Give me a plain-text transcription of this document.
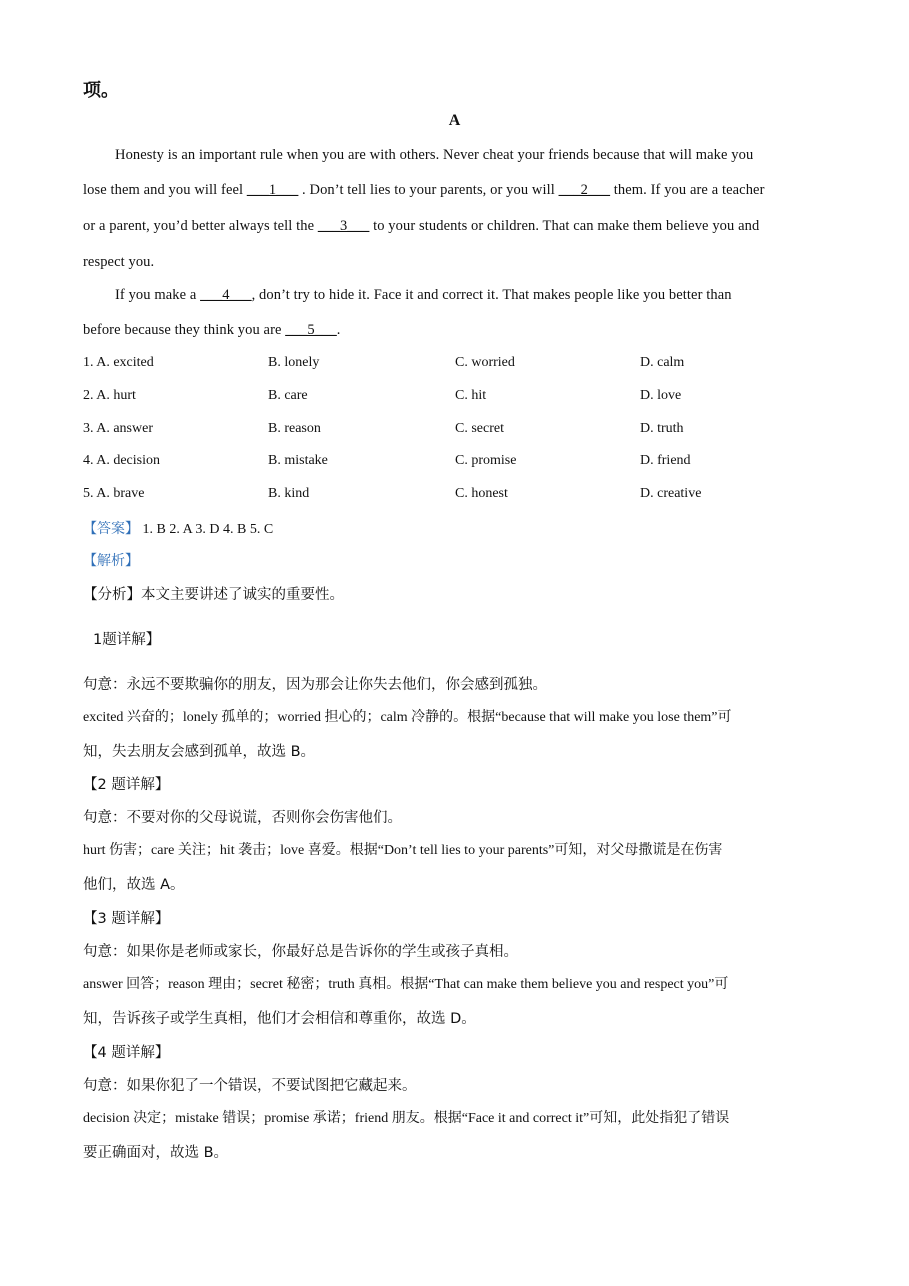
项。
A
Honesty is an important rule when you are with others. Never cheat your friends because that will make you
lose them and you will feel ___1___ . Don’t tell lies to your parents, or you will ___2___ them. If you are a teacher
or a parent, you’d better always tell the ___3___ to your students or children. That can make them believe you and
respect you.
If you make a ___4___, don’t try to hide it. Face it and correct it. That makes people like you better than
before because they think you are ___5___.
1. A. excited	B. lonely	C. worried	D. calm
2. A. hurt	B. care	C. hit	D. love
3. A. answer	B. reason	C. secret	D. truth
4. A. decision	B. mistake	C. promise	D. friend
5. A. brave	B. kind	C. honest	D. creative
【答案】 1. B 2. A 3. D 4. B 5. C
【解析】
【分析】本文主要讲述了诚实的重要性。
1题详解】
句意：永远不要欺骗你的朋友，因为那会让你失去他们，你会感到孤独。
excited 兴奋的；lonely 孤单的；worried 担心的；calm 冷静的。根据“because that will make you lose them”可
知，失去朋友会感到孤单，故选 B。
【2 题详解】
句意：不要对你的父母说谎，否则你会伤害他们。
hurt 伤害；care 关注；hit 袭击；love 喜爱。根据“Don’t tell lies to your parents”可知，对父母撒谎是在伤害
他们，故选 A。
【3 题详解】
句意：如果你是老师或家长，你最好总是告诉你的学生或孩子真相。
answer 回答；reason 理由；secret 秘密；truth 真相。根据“That can make them believe you and respect you”可
知，告诉孩子或学生真相，他们才会相信和尊重你，故选 D。
【4 题详解】
句意：如果你犯了一个错误，不要试图把它藏起来。
decision 决定；mistake 错误；promise 承诺；friend 朋友。根据“Face it and correct it”可知，此处指犯了错误
要正确面对，故选 B。
